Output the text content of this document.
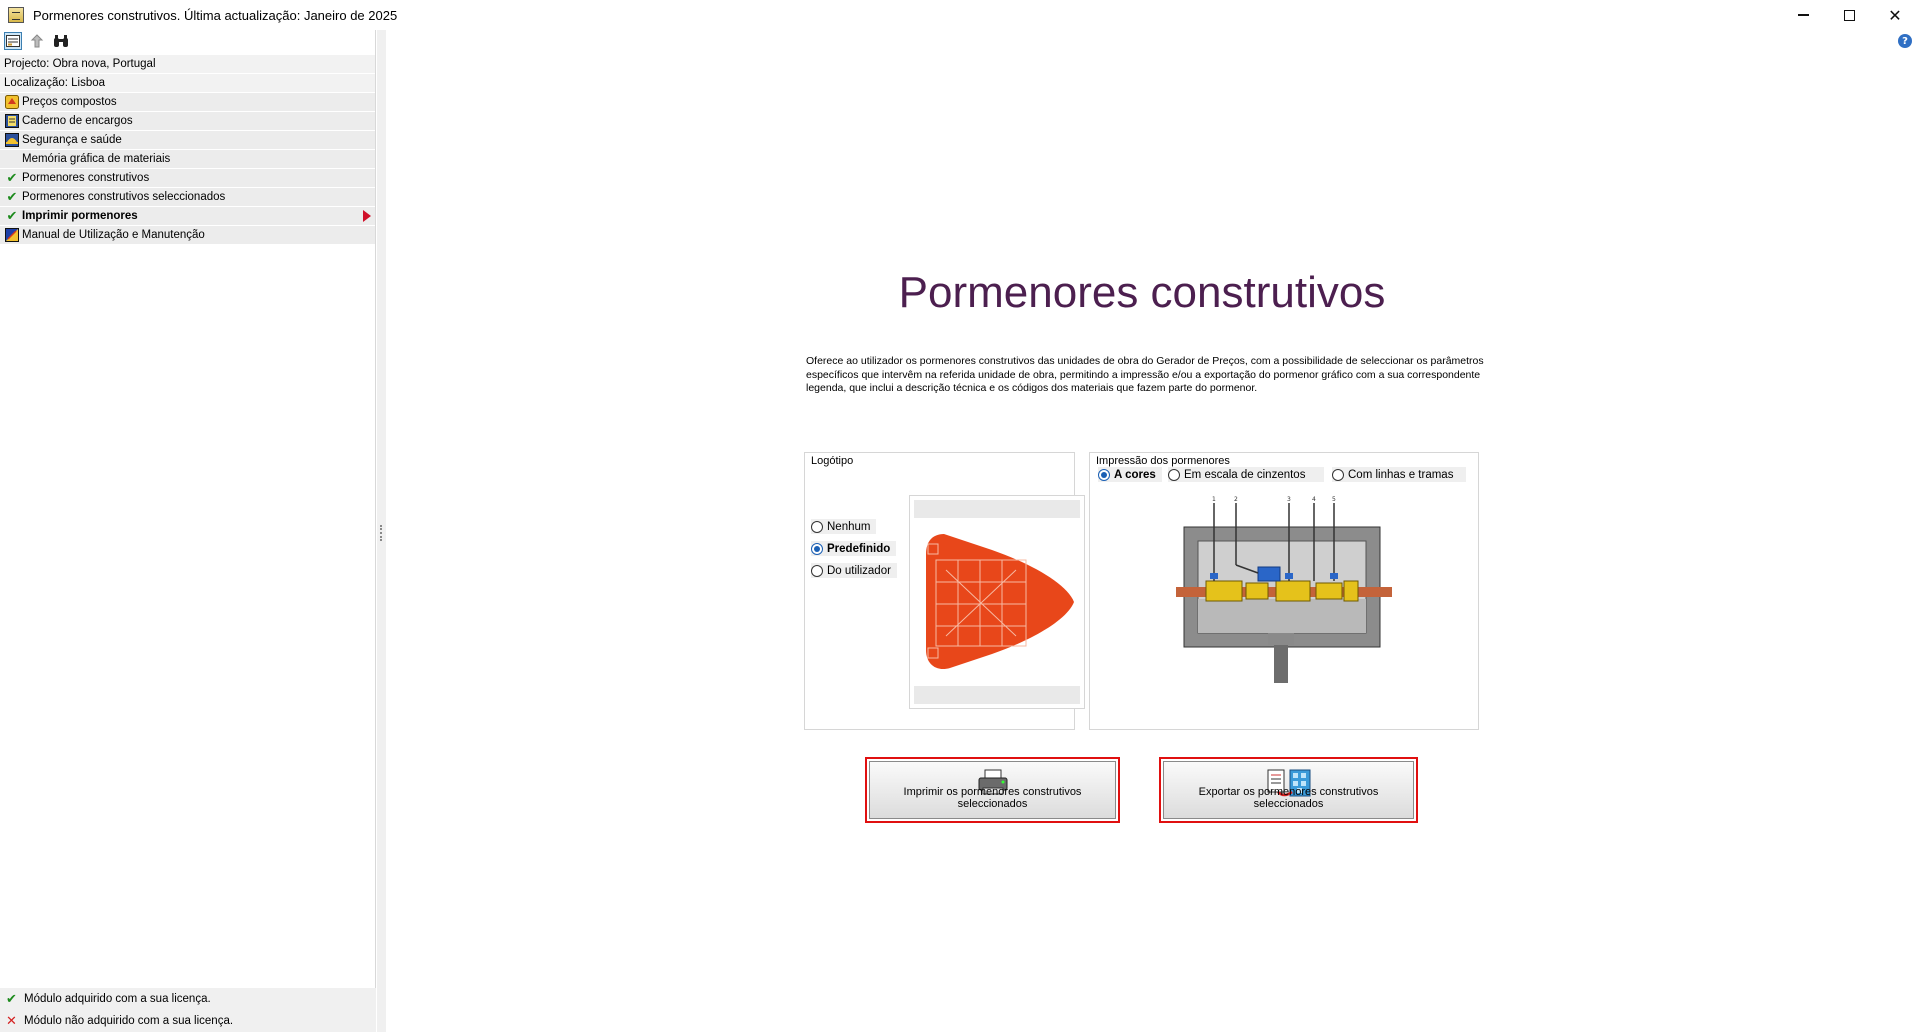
Pormenores construtivos. Última actualização: Janeiro de 2025	✕
Projecto: Obra nova, Portugal
Localização: Lisboa
Preços compostos
Caderno de encargos
Segurança e saúde
Memória gráfica de materiais
✔ Pormenores construtivos
✔ Pormenores construtivos seleccionados
✔ Imprimir pormenores
Manual de Utilização e Manutenção
✔ Módulo adquirido com a sua licença.
✕ Módulo não adquirido com a sua licença.
Pormenores construtivos
Oferece ao utilizador os pormenores construtivos das unidades de obra do Gerador de Preços, com a possibilidade de seleccionar os parâmetros específicos que intervêm na referida unidade de obra, permitindo a impressão e/ou a exportação do pormenor gráfico com a sua correspondente legenda, que inclui a descrição técnica e os códigos dos materiais que fazem parte do pormenor.
Logótipo
Nenhum
Predefinido
Do utilizador
Impressão dos pormenores
A cores Em escala de cinzentos	Com linhas e tramas
1	2	3	4	5
Imprimir os pormenores construtivos seleccionados
Exportar os pormenores construtivos seleccionados
?
